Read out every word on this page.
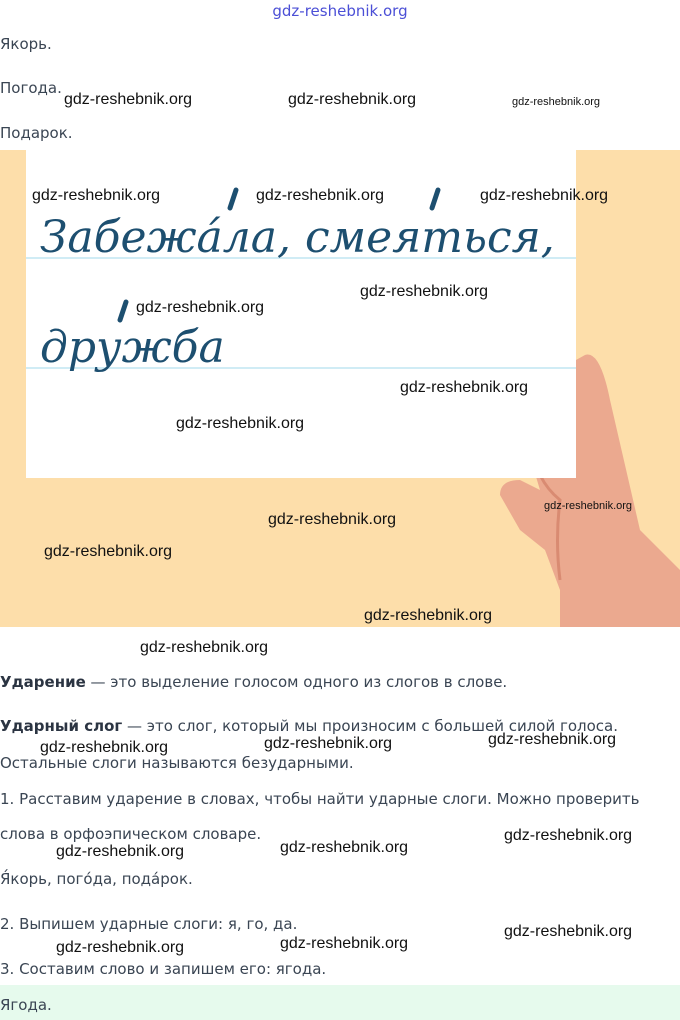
gdz-reshebnik.org
Якорь.
Погода.
Подарок.
Забежáла, смеяться,
дружба
Ударение — это выделение голосом одного из слогов в слове.
Ударный слог — это слог, который мы произносим с большей силой голоса.
Остальные слоги называются безударными.
1. Расставим ударение в словах, чтобы найти ударные слоги. Можно проверить
слова в орфоэпическом словаре.
Я́корь, пого́да, пода́рок.
2. Выпишем ударные слоги: я, го, да.
3. Составим слово и запишем его: ягода.
Ягода.
gdz-reshebnik.org	gdz-reshebnik.org	gdz-reshebnik.org
gdz-reshebnik.org	gdz-reshebnik.org	gdz-reshebnik.org
gdz-reshebnik.org
gdz-reshebnik.org
gdz-reshebnik.org
gdz-reshebnik.org
gdz-reshebnik.org
gdz-reshebnik.org
gdz-reshebnik.org
gdz-reshebnik.org
gdz-reshebnik.org
gdz-reshebnik.org	gdz-reshebnik.org	gdz-reshebnik.org
gdz-reshebnik.org
gdz-reshebnik.org	gdz-reshebnik.org
gdz-reshebnik.org
gdz-reshebnik.org	gdz-reshebnik.org
